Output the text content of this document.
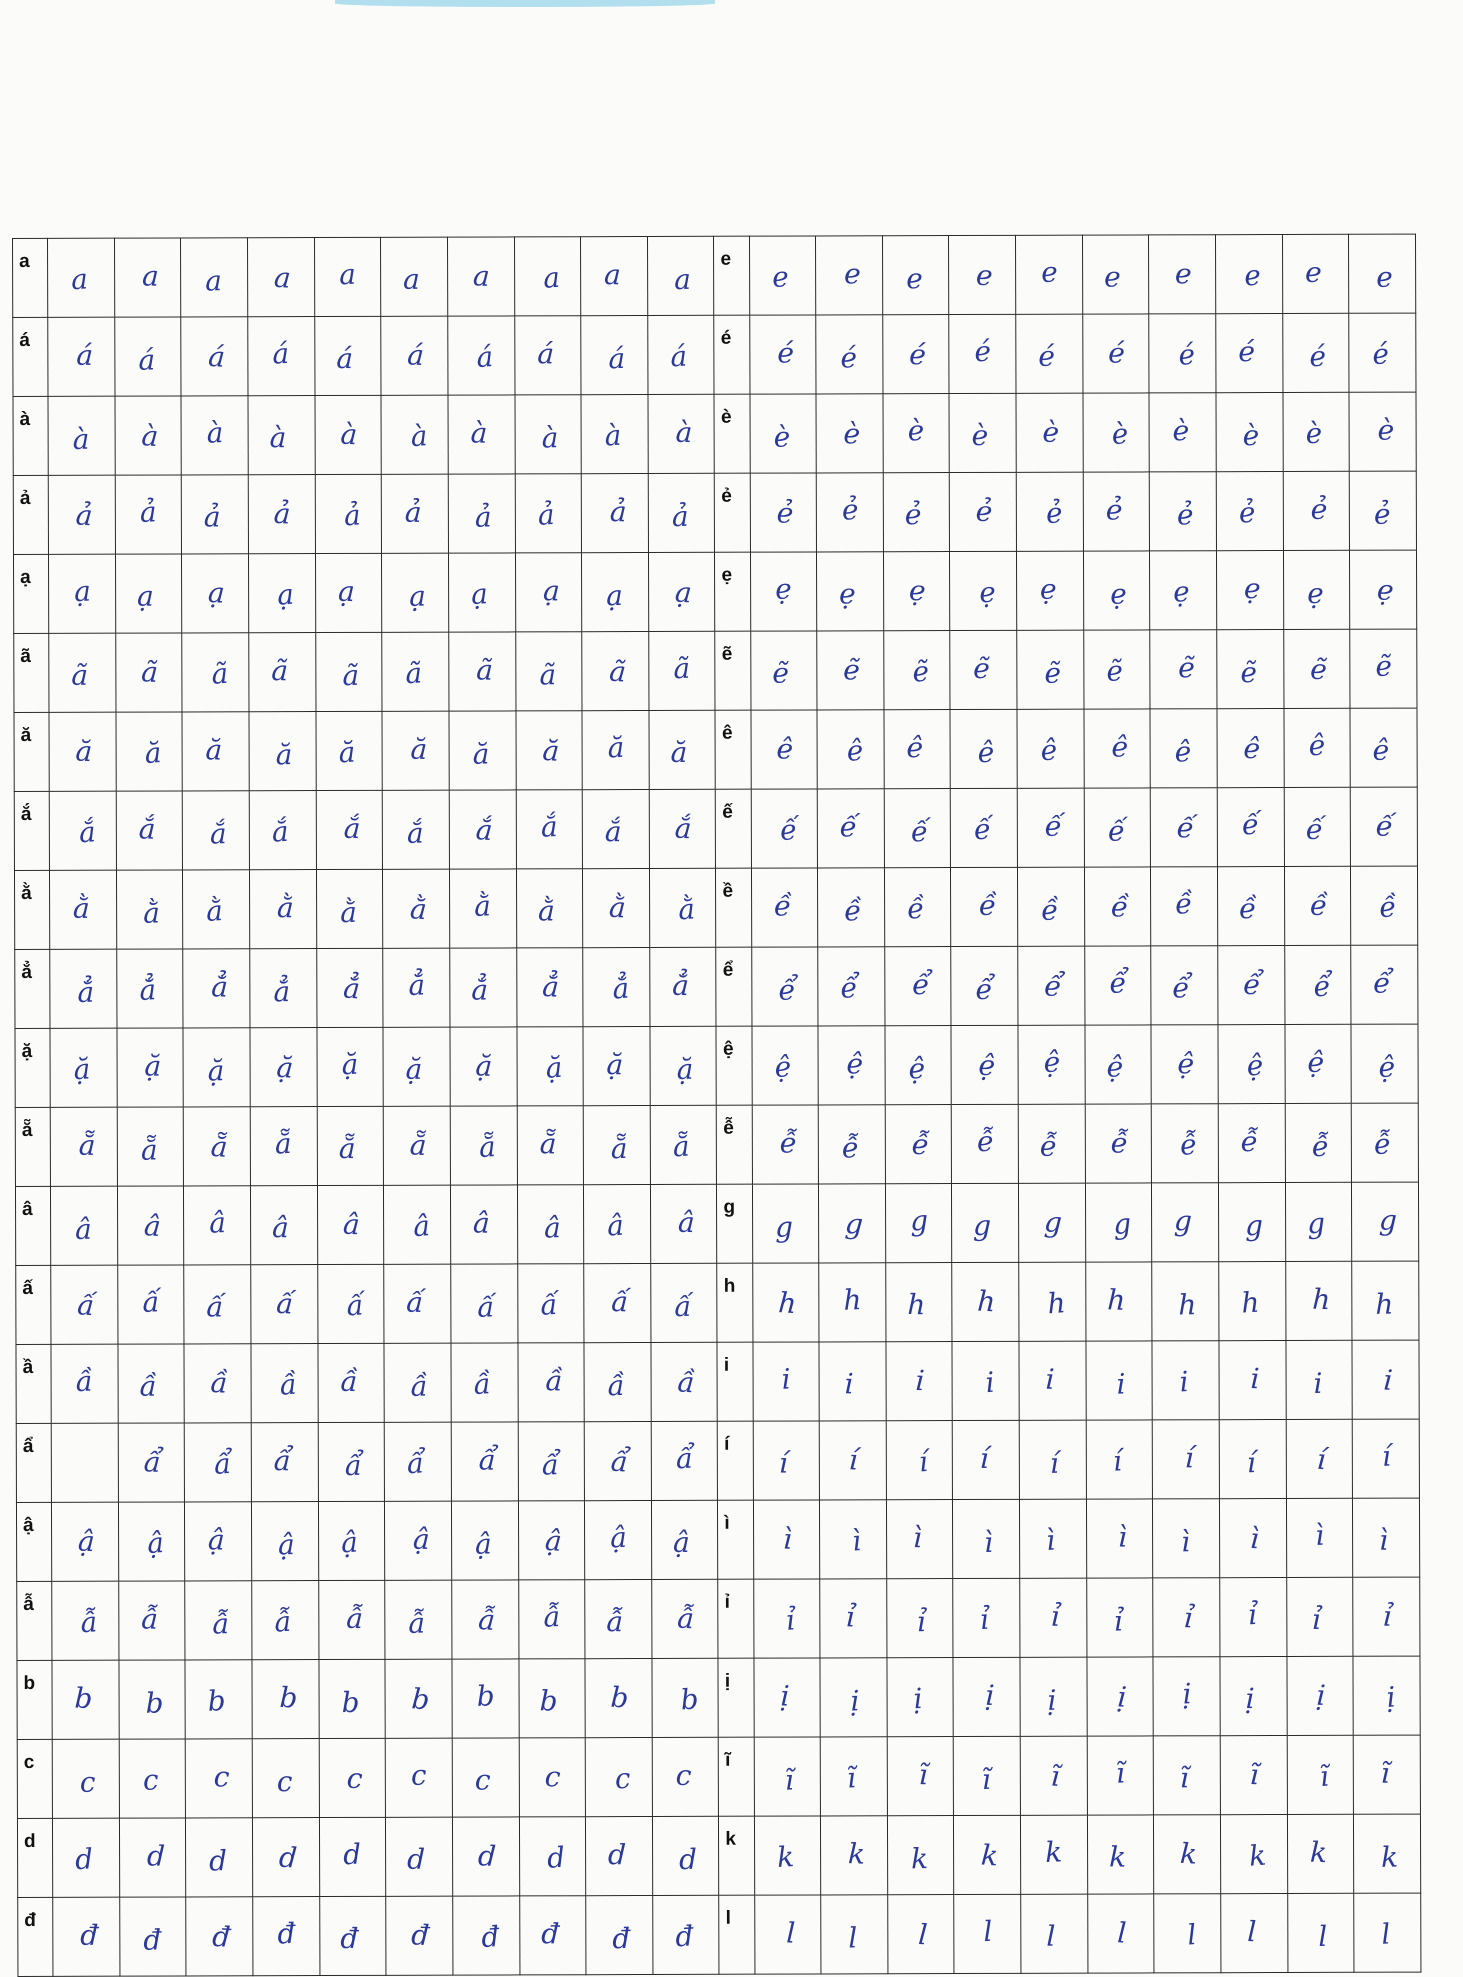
a	a	a	a	a	a	a	a	a	a	a	e	e	e	e	e	e	e	e	e	e	e
á	á	á	á	á	á	á	á	á	á	á	é	é	é	é	é	é	é	é	é	é	é
à	à	à	à	à	à	à	à	à	à	à	è	è	è	è	è	è	è	è	è	è	è
ả	ả	ả	ả	ả	ả	ả	ả	ả	ả	ả	ẻ	ẻ	ẻ	ẻ	ẻ	ẻ	ẻ	ẻ	ẻ	ẻ	ẻ
ạ	ạ	ạ	ạ	ạ	ạ	ạ	ạ	ạ	ạ	ạ	ẹ	ẹ	ẹ	ẹ	ẹ	ẹ	ẹ	ẹ	ẹ	ẹ	ẹ
ã	ã	ã	ã	ã	ã	ã	ã	ã	ã	ã	ẽ	ẽ	ẽ	ẽ	ẽ	ẽ	ẽ	ẽ	ẽ	ẽ	ẽ
ă	ă	ă	ă	ă	ă	ă	ă	ă	ă	ă	ê	ê	ê	ê	ê	ê	ê	ê	ê	ê	ê
ắ	ắ	ắ	ắ	ắ	ắ	ắ	ắ	ắ	ắ	ắ	ế	ế	ế	ế	ế	ế	ế	ế	ế	ế	ế
ằ	ằ	ằ	ằ	ằ	ằ	ằ	ằ	ằ	ằ	ằ	ề	ề	ề	ề	ề	ề	ề	ề	ề	ề	ề
ẳ	ẳ	ẳ	ẳ	ẳ	ẳ	ẳ	ẳ	ẳ	ẳ	ẳ	ể	ể	ể	ể	ể	ể	ể	ể	ể	ể	ể
ặ	ặ	ặ	ặ	ặ	ặ	ặ	ặ	ặ	ặ	ặ	ệ	ệ	ệ	ệ	ệ	ệ	ệ	ệ	ệ	ệ	ệ
ẵ	ẵ	ẵ	ẵ	ẵ	ẵ	ẵ	ẵ	ẵ	ẵ	ẵ	ễ	ễ	ễ	ễ	ễ	ễ	ễ	ễ	ễ	ễ	ễ
â	â	â	â	â	â	â	â	â	â	â	g	g	g	g	g	g	g	g	g	g	g
ấ	ấ	ấ	ấ	ấ	ấ	ấ	ấ	ấ	ấ	ấ	h	h	h	h	h	h	h	h	h	h	h
ầ	ầ	ầ	ầ	ầ	ầ	ầ	ầ	ầ	ầ	ầ	i	i	i	i	i	i	i	i	i	i	i
ẩ		ẩ	ẩ	ẩ	ẩ	ẩ	ẩ	ẩ	ẩ	ẩ	í	í	í	í	í	í	í	í	í	í	í
ậ	ậ	ậ	ậ	ậ	ậ	ậ	ậ	ậ	ậ	ậ	ì	ì	ì	ì	ì	ì	ì	ì	ì	ì	ì
ẫ	ẫ	ẫ	ẫ	ẫ	ẫ	ẫ	ẫ	ẫ	ẫ	ẫ	ỉ	ỉ	ỉ	ỉ	ỉ	ỉ	ỉ	ỉ	ỉ	ỉ	ỉ
b	b	b	b	b	b	b	b	b	b	b	ị	ị	ị	ị	ị	ị	ị	ị	ị	ị	ị
c	c	c	c	c	c	c	c	c	c	c	ĩ	ĩ	ĩ	ĩ	ĩ	ĩ	ĩ	ĩ	ĩ	ĩ	ĩ
d	d	d	d	d	d	d	d	d	d	d	k	k	k	k	k	k	k	k	k	k	k
đ	đ	đ	đ	đ	đ	đ	đ	đ	đ	đ	l	l	l	l	l	l	l	l	l	l	l
